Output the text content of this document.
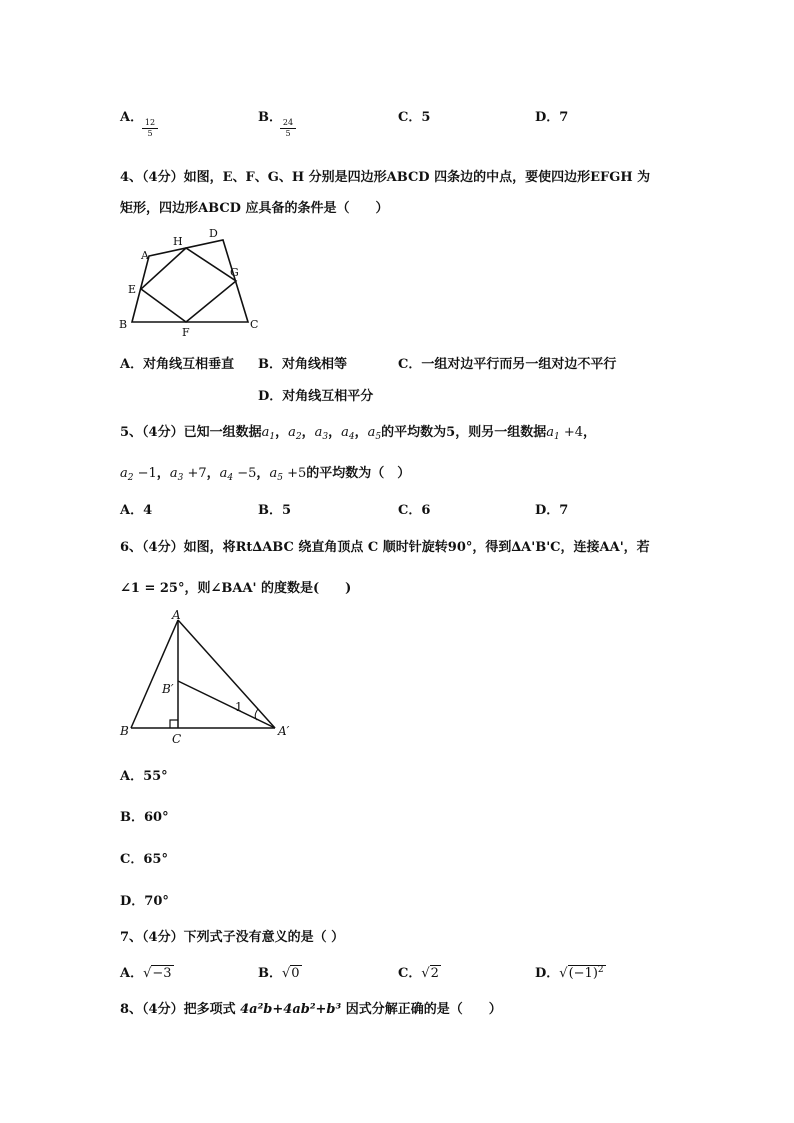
A．
$\frac{12}{5}$
B．
$\frac{24}{5}$
C．5	D．7
4、（4分）如图，E、F、G、H 分别是四边形ABCD 四条边的中点，要使四边形EFGH 为
矩形，四边形ABCD 应具备的条件是（　　）
A
H
D
E
G
B
F
C
A．对角线互相垂直 B．对角线相等	C．一组对边平行而另一组对边不平行
D．对角线互相平分
5、（4分）已知一组数据$a_1$，$a_2$，$a_3$，$a_4$，$a_5$的平均数为5，则另一组数据$a_1 +4$，
$a_2 -1$，$a_3 +7$，$a_4 -5$，$a_5 +5$的平均数为（　）
A．4	B．5	C．6	D．7
6、（4分）如图，将Rt∆ABC 绕直角顶点 C 顺时针旋转90°，得到∆A'B'C，连接AA'，若
∠1 = 25°，则∠BAA' 的度数是(　　)
A
B′
1
B
C
A′
A．55°
B．60°
C．65°
D．70°
7、（4分）下列式子没有意义的是（ ）
A．√−3	B．√0	C．√2	D．$√(-1)^2$
8、（4分）把多项式 4a²b+4ab²+b³ 因式分解正确的是（　　）
